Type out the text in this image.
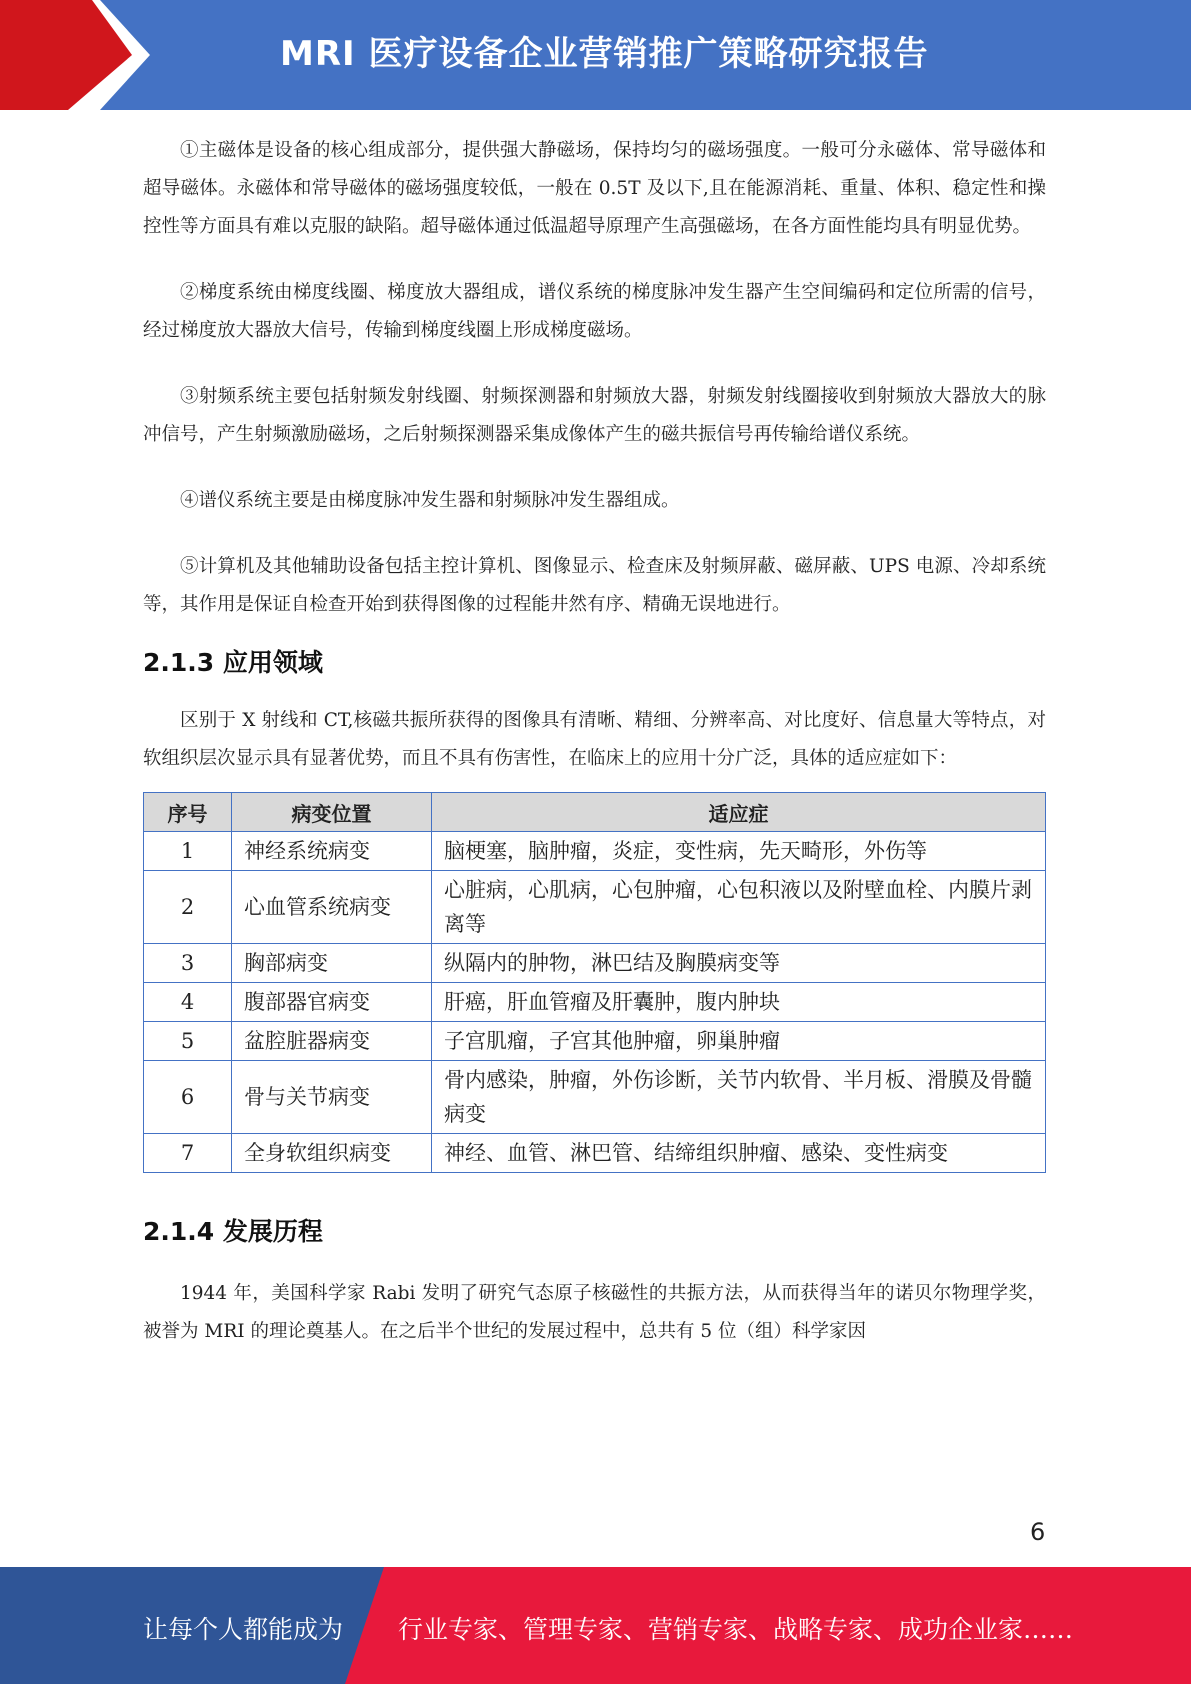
MRI 医疗设备企业营销推广策略研究报告

①主磁体是设备的核心组成部分，提供强大静磁场，保持均匀的磁场强度。一般可分永磁体、常导磁体和超导磁体。永磁体和常导磁体的磁场强度较低，一般在 0.5T 及以下,且在能源消耗、重量、体积、稳定性和操控性等方面具有难以克服的缺陷。超导磁体通过低温超导原理产生高强磁场，在各方面性能均具有明显优势。

②梯度系统由梯度线圈、梯度放大器组成，谱仪系统的梯度脉冲发生器产生空间编码和定位所需的信号，经过梯度放大器放大信号，传输到梯度线圈上形成梯度磁场。

③射频系统主要包括射频发射线圈、射频探测器和射频放大器，射频发射线圈接收到射频放大器放大的脉冲信号，产生射频激励磁场，之后射频探测器采集成像体产生的磁共振信号再传输给谱仪系统。

④谱仪系统主要是由梯度脉冲发生器和射频脉冲发生器组成。

⑤计算机及其他辅助设备包括主控计算机、图像显示、检查床及射频屏蔽、磁屏蔽、UPS 电源、冷却系统等，其作用是保证自检查开始到获得图像的过程能井然有序、精确无误地进行。

2.1.3 应用领域

区别于 X 射线和 CT,核磁共振所获得的图像具有清晰、精细、分辨率高、对比度好、信息量大等特点，对软组织层次显示具有显著优势，而且不具有伤害性，在临床上的应用十分广泛，具体的适应症如下：

序号	病变位置	适应症
1	神经系统病变	脑梗塞，脑肿瘤，炎症，变性病，先天畸形，外伤等
2	心血管系统病变	心脏病，心肌病，心包肿瘤，心包积液以及附壁血栓、内膜片剥离等
3	胸部病变	纵隔内的肿物，淋巴结及胸膜病变等
4	腹部器官病变	肝癌，肝血管瘤及肝囊肿，腹内肿块
5	盆腔脏器病变	子宫肌瘤，子宫其他肿瘤，卵巢肿瘤
6	骨与关节病变	骨内感染，肿瘤，外伤诊断，关节内软骨、半月板、滑膜及骨髓病变
7	全身软组织病变	神经、血管、淋巴管、结缔组织肿瘤、感染、变性病变
2.1.4 发展历程

1944 年，美国科学家 Rabi 发明了研究气态原子核磁性的共振方法，从而获得当年的诺贝尔物理学奖，被誉为 MRI 的理论奠基人。在之后半个世纪的发展过程中，总共有 5 位（组）科学家因

6
让每个人都能成为 行业专家、管理专家、营销专家、战略专家、成功企业家……
